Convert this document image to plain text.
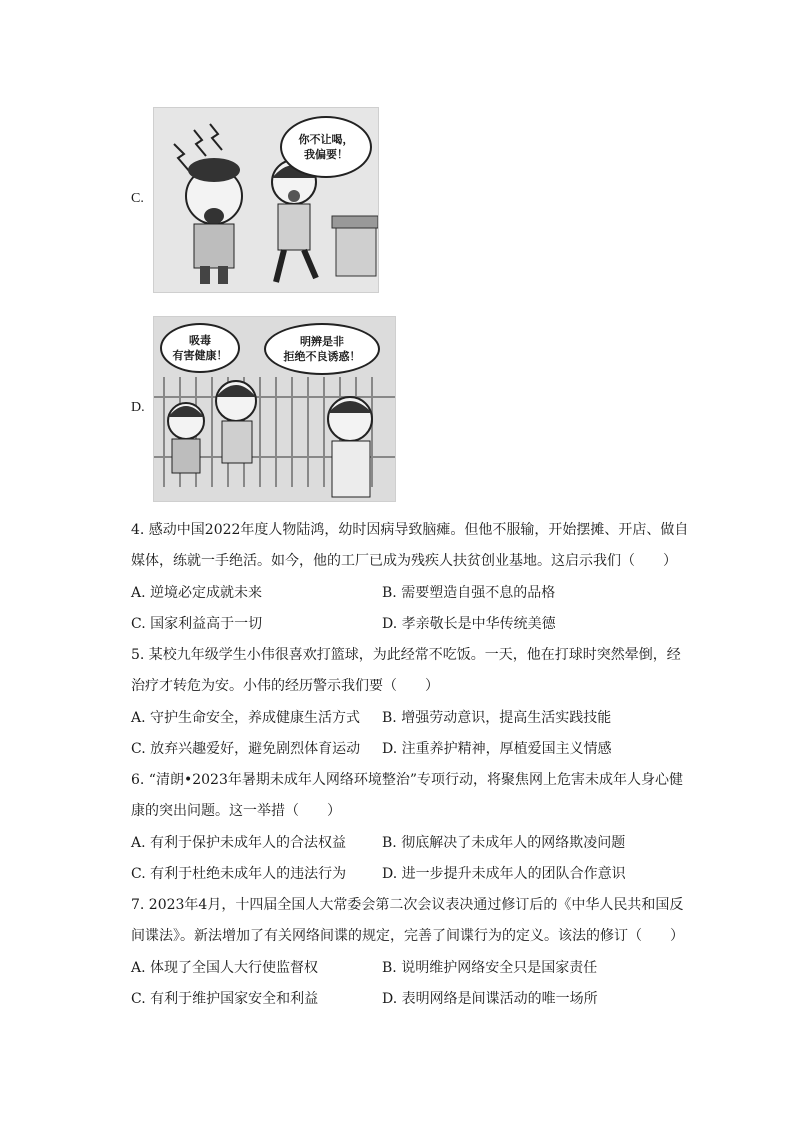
C.
你不让喝，
我偏要！
D.
吸毒
有害健康！
明辨是非
拒绝不良诱惑！
4. 感动中国2022年度人物陆鸿，幼时因病导致脑瘫。但他不服输，开始摆摊、开店、做自
媒体，练就一手绝活。如今，他的工厂已成为残疾人扶贫创业基地。这启示我们（　　）
A. 逆境必定成就未来	B. 需要塑造自强不息的品格
C. 国家利益高于一切	D. 孝亲敬长是中华传统美德
5. 某校九年级学生小伟很喜欢打篮球，为此经常不吃饭。一天，他在打球时突然晕倒，经
治疗才转危为安。小伟的经历警示我们要（　　）
A. 守护生命安全，养成健康生活方式 B. 增强劳动意识，提高生活实践技能
C. 放弃兴趣爱好，避免剧烈体育运动 D. 注重养护精神，厚植爱国主义情感
6. “清朗•2023年暑期未成年人网络环境整治”专项行动，将聚焦网上危害未成年人身心健
康的突出问题。这一举措（　　）
A. 有利于保护未成年人的合法权益	B. 彻底解决了未成年人的网络欺凌问题
C. 有利于杜绝未成年人的违法行为	D. 进一步提升未成年人的团队合作意识
7. 2023年4月，十四届全国人大常委会第二次会议表决通过修订后的《中华人民共和国反
间谍法》。新法增加了有关网络间谍的规定，完善了间谍行为的定义。该法的修订（　　）
A. 体现了全国人大行使监督权	B. 说明维护网络安全只是国家责任
C. 有利于维护国家安全和利益	D. 表明网络是间谍活动的唯一场所
